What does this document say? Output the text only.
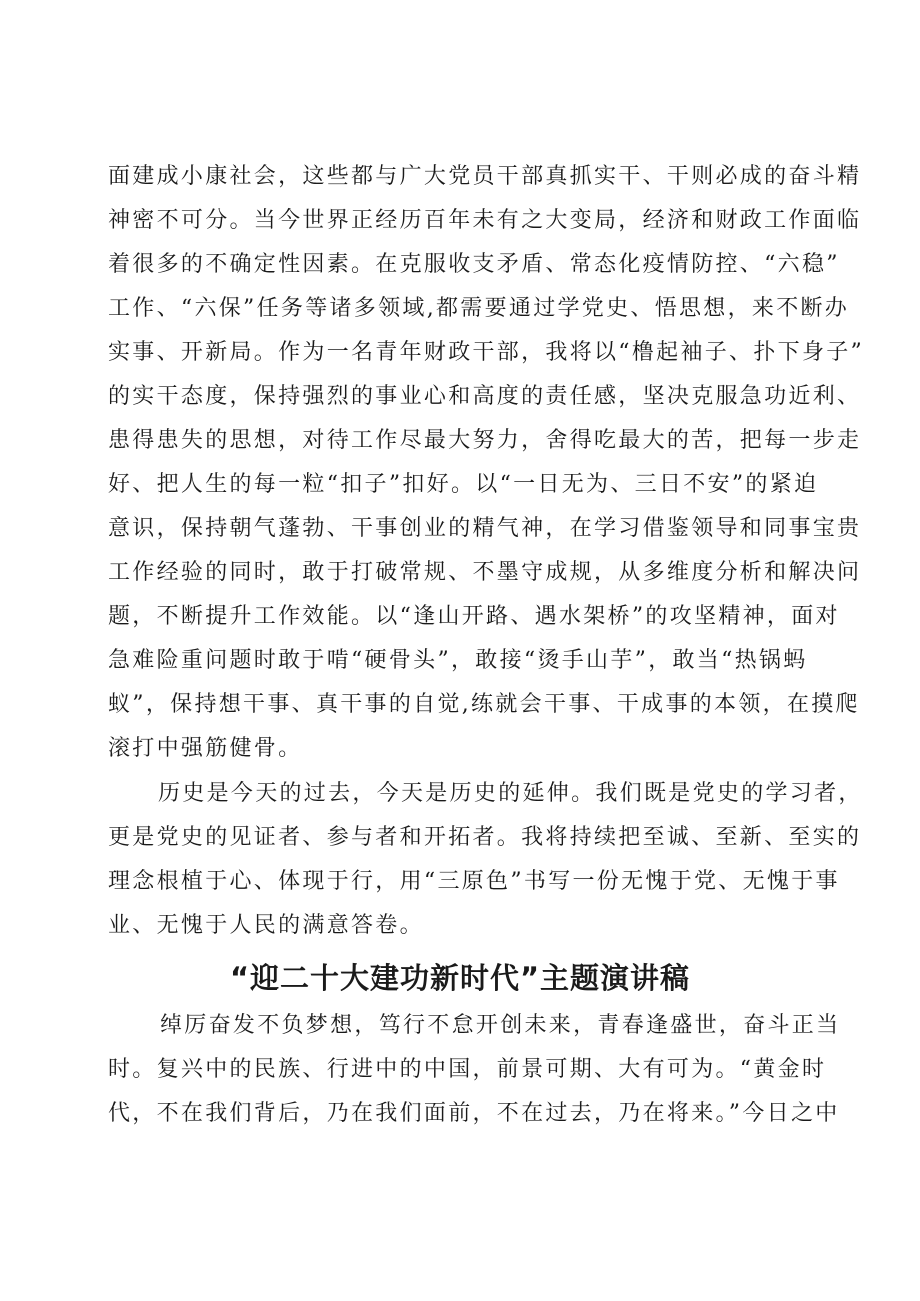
面建成小康社会，这些都与广大党员干部真抓实干、干则必成的奋斗精
神密不可分。当今世界正经历百年未有之大变局，经济和财政工作面临
着很多的不确定性因素。在克服收支矛盾、常态化疫情防控、“六稳”
工作、“六保”任务等诸多领域,都需要通过学党史、悟思想，来不断办
实事、开新局。作为一名青年财政干部，我将以“橹起袖子、扑下身子”
的实干态度，保持强烈的事业心和高度的责任感，坚决克服急功近利、
患得患失的思想，对待工作尽最大努力，舍得吃最大的苦，把每一步走
好、把人生的每一粒“扣子”扣好。以“一日无为、三日不安”的紧迫
意识，保持朝气蓬勃、干事创业的精气神，在学习借鉴领导和同事宝贵
工作经验的同时，敢于打破常规、不墨守成规，从多维度分析和解决问
题，不断提升工作效能。以“逢山开路、遇水架桥”的攻坚精神，面对
急难险重问题时敢于啃“硬骨头”，敢接“烫手山芋”，敢当“热锅蚂
蚁”，保持想干事、真干事的自觉,练就会干事、干成事的本领，在摸爬
滚打中强筋健骨。
历史是今天的过去，今天是历史的延伸。我们既是党史的学习者，
更是党史的见证者、参与者和开拓者。我将持续把至诚、至新、至实的
理念根植于心、体现于行，用“三原色”书写一份无愧于党、无愧于事
业、无愧于人民的满意答卷。
“迎二十大建功新时代”主题演讲稿
绰厉奋发不负梦想，笃行不怠开创未来，青春逢盛世，奋斗正当
时。复兴中的民族、行进中的中国，前景可期、大有可为。“黄金时
代，不在我们背后，乃在我们面前，不在过去，乃在将来。”今日之中
